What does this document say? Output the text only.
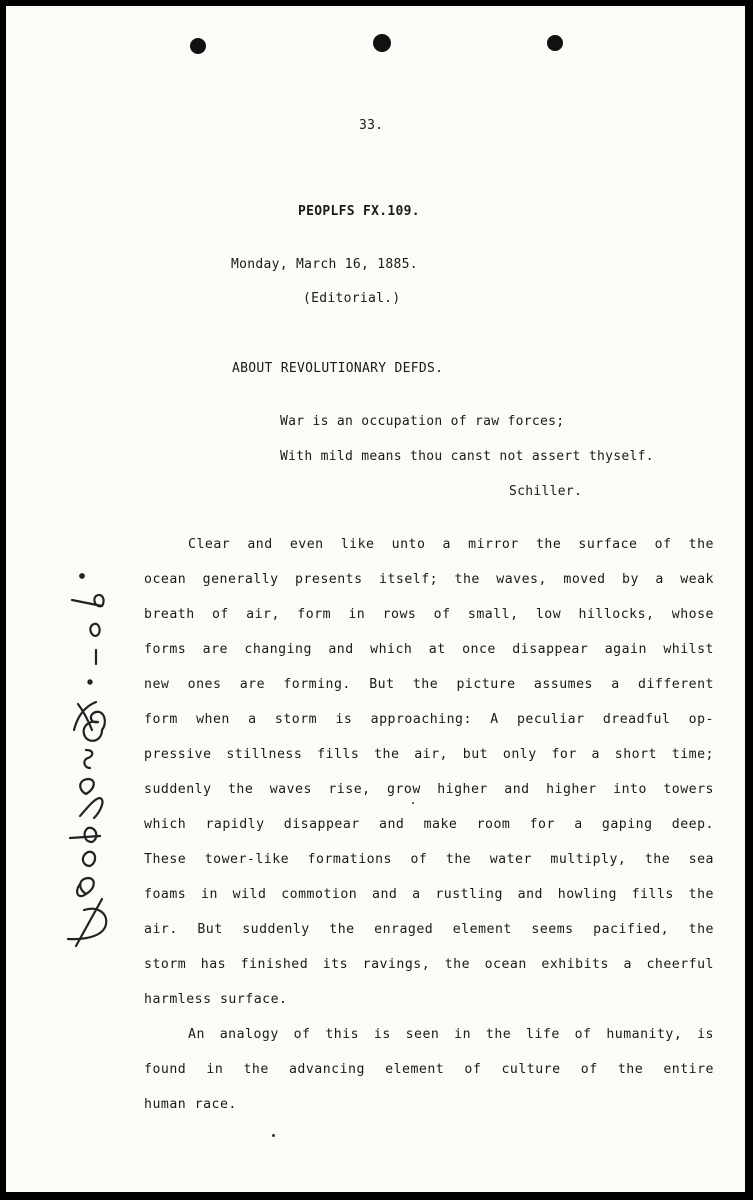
33.
PEOPLFS FX.109.
Monday, March 16, 1885.
(Editorial.)
ABOUT REVOLUTIONARY DEFDS.
War is an occupation of raw forces;
With mild means thou canst not assert thyself.
Schiller.
Clear and even like unto a mirror the surface of the
ocean generally presents itself; the waves, moved by a weak
breath of air, form in rows of small, low hillocks, whose
forms are changing and which at once disappear again whilst
new ones are forming. But the picture assumes a different
form when a storm is approaching: A peculiar dreadful op-
pressive stillness fills the air, but only for a short time;
suddenly the waves rise, grow higher and higher into towers
which rapidly disappear and make room for a gaping deep.
These tower-like formations of the water multiply, the sea
foams in wild commotion and a rustling and howling fills the
air. But suddenly the enraged element seems pacified, the
storm has finished its ravings, the ocean exhibits a cheerful
harmless surface.
An analogy of this is seen in the life of humanity, is
found in the advancing element of culture of the entire
human race.
